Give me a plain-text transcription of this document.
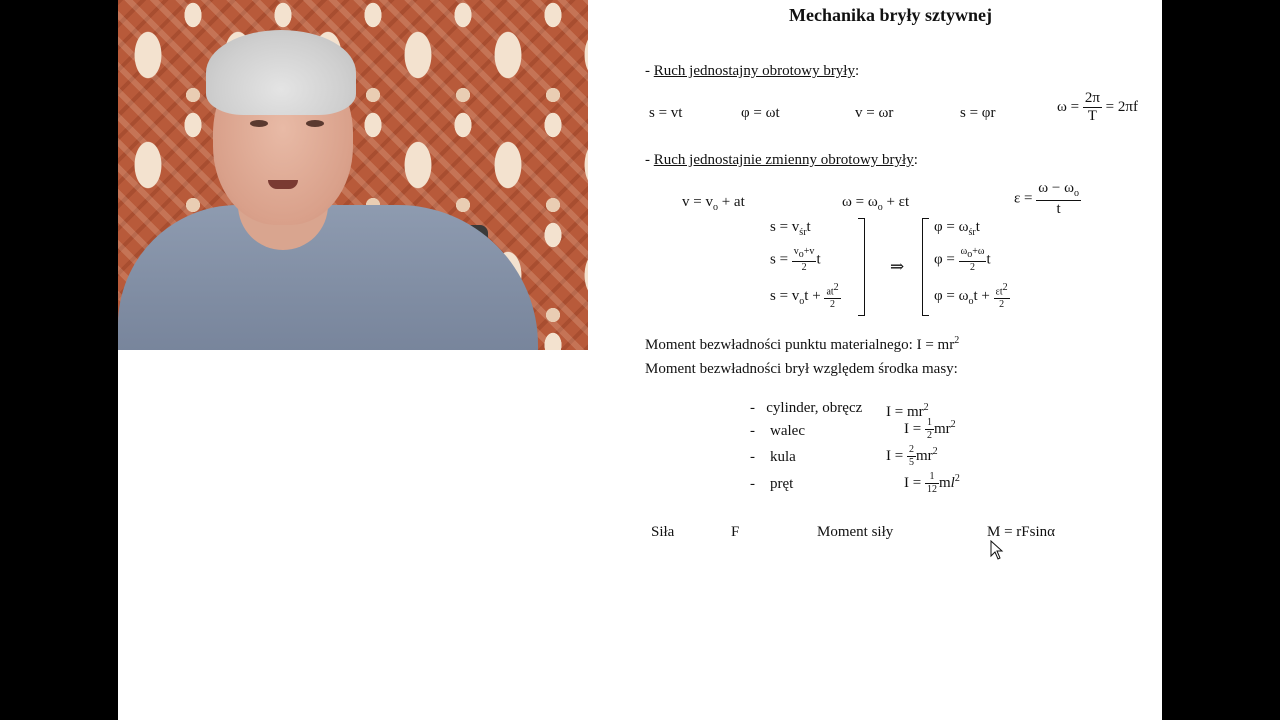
Mechanika bryły sztywnej
- Ruch jednostajny obrotowy bryły:
s = vt	φ = ωt	v = ωr	s = φr	$\omega = \frac{2\pi}{T} = 2\pi f$
- Ruch jednostajnie zmienny obrotowy bryły:
$v = v_o$ + at	$\omega = \omega_o + \varepsilon t$	$\varepsilon = \frac{\omega - \omega_o}{t}$
$s = v_{śr}t$
$s = \frac{v_o+v}{2}$ t
$s = v_ot + \frac{at^2}{2}$
⇒
$\varphi = \omega_{śr}t$
$\varphi = \frac{\omega_o+\omega}{2}$ t
$\varphi = \omega_ot + \frac{\varepsilon t^2}{2}$
Moment bezwładności punktu materialnego: $I = mr^2$
Moment bezwładności brył względem środka masy:
- cylinder, obręcz $I = mr^2$
- walec	$I = \frac{1}{2} mr^2$
- kula	$I = \frac{2}{5} mr^2$
- pręt	$I = \frac{1}{12} ml^2$
Siła	F	Moment siły	M = rFsinα
